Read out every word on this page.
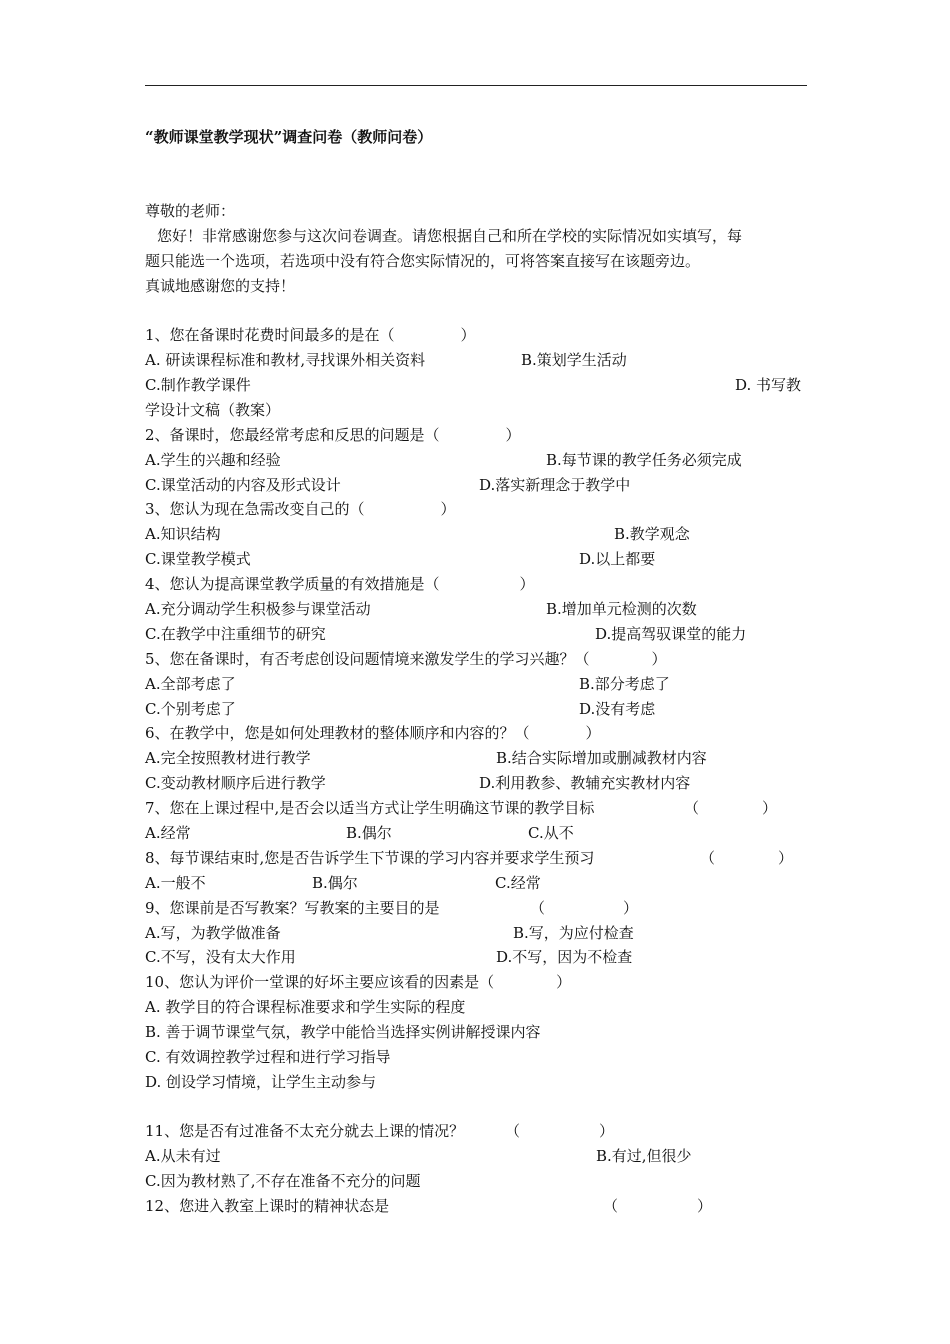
“教师课堂教学现状”调查问卷（教师问卷）
尊敬的老师：
您好！非常感谢您参与这次问卷调查。请您根据自己和所在学校的实际情况如实填写，每
题只能选一个选项，若选项中没有符合您实际情况的，可将答案直接写在该题旁边。
真诚地感谢您的支持！
1、您在备课时花费时间最多的是在（	）
A. 研读课程标准和教材,寻找课外相关资料	B.策划学生活动
C.制作教学课件	D. 书写教
学设计文稿（教案）
2、备课时，您最经常考虑和反思的问题是（	）
A.学生的兴趣和经验	B.每节课的教学任务必须完成
C.课堂活动的内容及形式设计	D.落实新理念于教学中
3、您认为现在急需改变自己的（	）
A.知识结构	B.教学观念
C.课堂教学模式	D.以上都要
4、您认为提高课堂教学质量的有效措施是（	）
A.充分调动学生积极参与课堂活动	B.增加单元检测的次数
C.在教学中注重细节的研究	D.提高驾驭课堂的能力
5、您在备课时，有否考虑创设问题情境来激发学生的学习兴趣？（	）
A.全部考虑了	B.部分考虑了
C.个别考虑了	D.没有考虑
6、在教学中，您是如何处理教材的整体顺序和内容的？（	）
A.完全按照教材进行教学	B.结合实际增加或删减教材内容
C.变动教材顺序后进行教学	D.利用教参、教辅充实教材内容
7、您在上课过程中,是否会以适当方式让学生明确这节课的教学目标	（	）
A.经常	B.偶尔	C.从不
8、每节课结束时,您是否告诉学生下节课的学习内容并要求学生预习	（	）
A.一般不	B.偶尔	C.经常
9、您课前是否写教案？写教案的主要目的是	（	）
A.写，为教学做准备	B.写，为应付检查
C.不写，没有太大作用	D.不写，因为不检查
10、您认为评价一堂课的好坏主要应该看的因素是（	）
A. 教学目的符合课程标准要求和学生实际的程度
B. 善于调节课堂气氛，教学中能恰当选择实例讲解授课内容
C. 有效调控教学过程和进行学习指导
D. 创设学习情境，让学生主动参与
11、您是否有过准备不太充分就去上课的情况？	（	）
A.从未有过	B.有过,但很少
C.因为教材熟了,不存在准备不充分的问题
12、您进入教室上课时的精神状态是	（	）
